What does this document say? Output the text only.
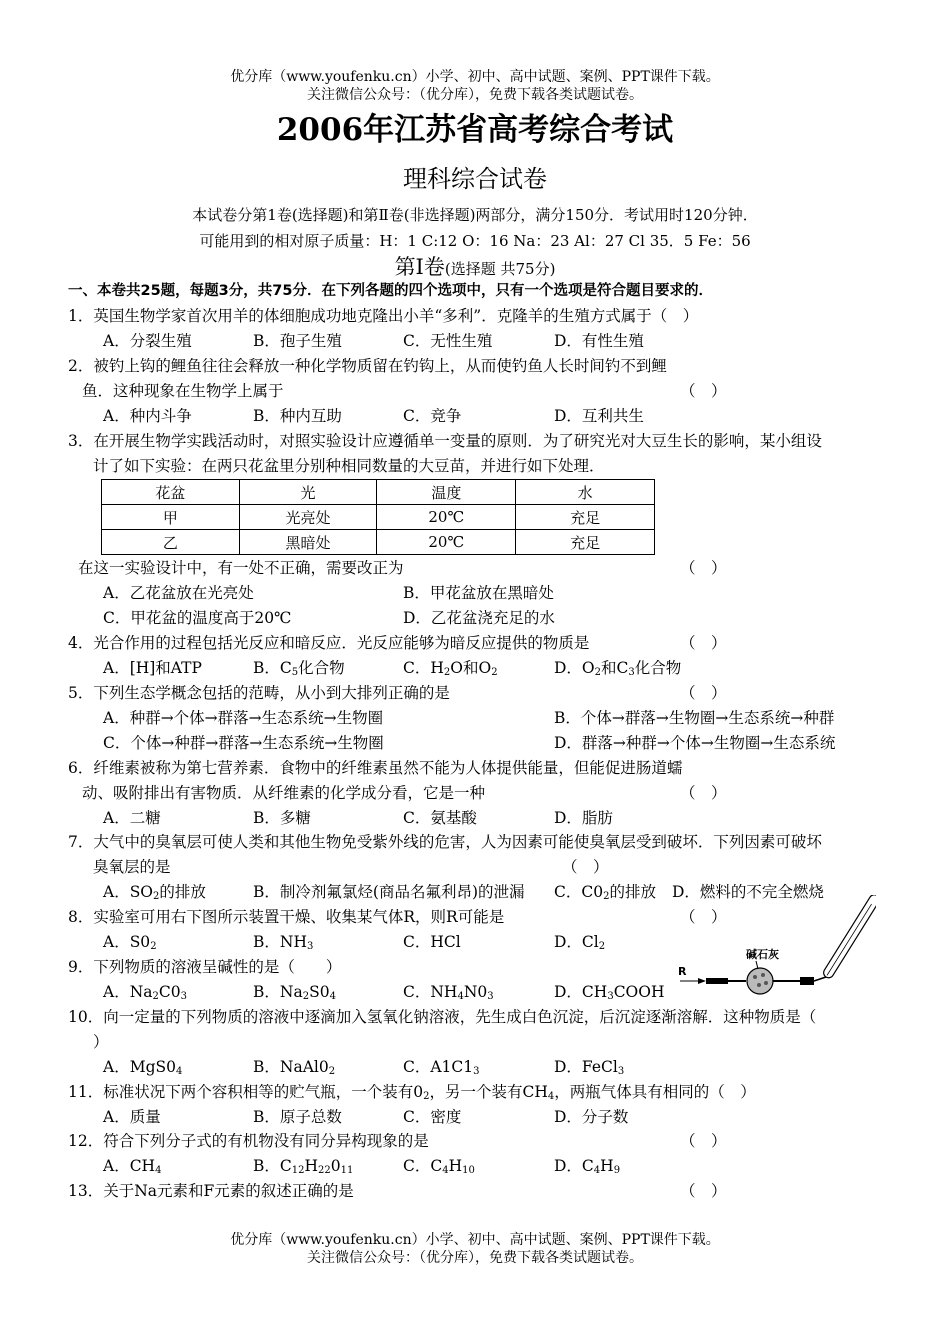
优分库（www.youfenku.cn）小学、初中、高中试题、案例、PPT课件下载。
关注微信公众号：（优分库），免费下载各类试题试卷。
2006年江苏省高考综合考试
理科综合试卷
本试卷分第1卷(选择题)和第Ⅱ卷(非选择题)两部分，满分150分．考试用时120分钟．
可能用到的相对原子质量：H：1 C:12 O：16 Na：23 Al：27 Cl 35．5 Fe：56
第Ⅰ卷(选择题 共75分)
一、本卷共25题，每题3分，共75分．在下列各题的四个选项中，只有一个选项是符合题目要求的．
1．英国生物学家首次用羊的体细胞成功地克隆出小羊“多利”．克隆羊的生殖方式属于（　）
A．分裂生殖	B．孢子生殖	C．无性生殖	D．有性生殖
2．被钓上钩的鲤鱼往往会释放一种化学物质留在钓钩上，从而使钓鱼人长时间钓不到鲤
鱼．这种现象在生物学上属于	（　）
A．种内斗争	B．种内互助	C．竞争	D．互利共生
3．在开展生物学实践活动时，对照实验设计应遵循单一变量的原则．为了研究光对大豆生长的影响，某小组设
计了如下实验：在两只花盆里分别种相同数量的大豆苗，并进行如下处理．
花盆	光	温度	水
甲	光亮处	20℃	充足
乙	黑暗处	20℃	充足
在这一实验设计中，有一处不正确，需要改正为	（　）
A．乙花盆放在光亮处	B．甲花盆放在黑暗处
C．甲花盆的温度高于20℃	D．乙花盆浇充足的水
4．光合作用的过程包括光反应和暗反应．光反应能够为暗反应提供的物质是	（　）
A．[H]和ATP	B．$C_5$化合物	C．$H_2O$和$O_2$	D．$O_2$和$C_3$化合物
5．下列生态学概念包括的范畴，从小到大排列正确的是	（　）
A．种群→个体→群落→生态系统→生物圈	B．个体→群落→生物圈→生态系统→种群
C．个体→种群→群落→生态系统→生物圈	D．群落→种群→个体→生物圈→生态系统
6．纤维素被称为第七营养素．食物中的纤维素虽然不能为人体提供能量，但能促进肠道蠕
动、吸附排出有害物质．从纤维素的化学成分看，它是一种	（　）
A．二糖	B．多糖	C．氨基酸	D．脂肪
7．大气中的臭氧层可使人类和其他生物免受紫外线的危害，人为因素可能使臭氧层受到破坏．下列因素可破坏
臭氧层的是	（　）
A．$SO_2$的排放	B．制冷剂氟氯烃(商品名氟利昂)的泄漏 C．$C0_2$的排放 D．燃料的不完全燃烧
8．实验室可用右下图所示装置干燥、收集某气体R，则R可能是	（　）
A．$S0_2$	B．$NH_3$	C．HCl	D．$Cl_2$
R
碱石灰
9．下列物质的溶液呈碱性的是（　　）
A．$Na_2C0_3$	B．$Na_2S0_4$	C．$NH_4N0_3$	D．$CH_3COOH$
10．向一定量的下列物质的溶液中逐滴加入氢氧化钠溶液，先生成白色沉淀，后沉淀逐渐溶解．这种物质是（
）
A．$MgS0_4$	B．$NaAl0_2$	C．$A1C1_3$	D．FeCl$_3$
11．标准状况下两个容积相等的贮气瓶，一个装有$0_2$，另一个装有$CH_4$，两瓶气体具有相同的（　）
A．质量	B．原子总数	C．密度	D．分子数
12．符合下列分子式的有机物没有同分异构现象的是	（　）
A．$CH_4$	B．$C_{12}H_{22}0_{11}$	C．$C_4H_{10}$	D．$C_4H_9$
13．关于Na元素和F元素的叙述正确的是	（　）
优分库（www.youfenku.cn）小学、初中、高中试题、案例、PPT课件下载。
关注微信公众号：（优分库），免费下载各类试题试卷。
